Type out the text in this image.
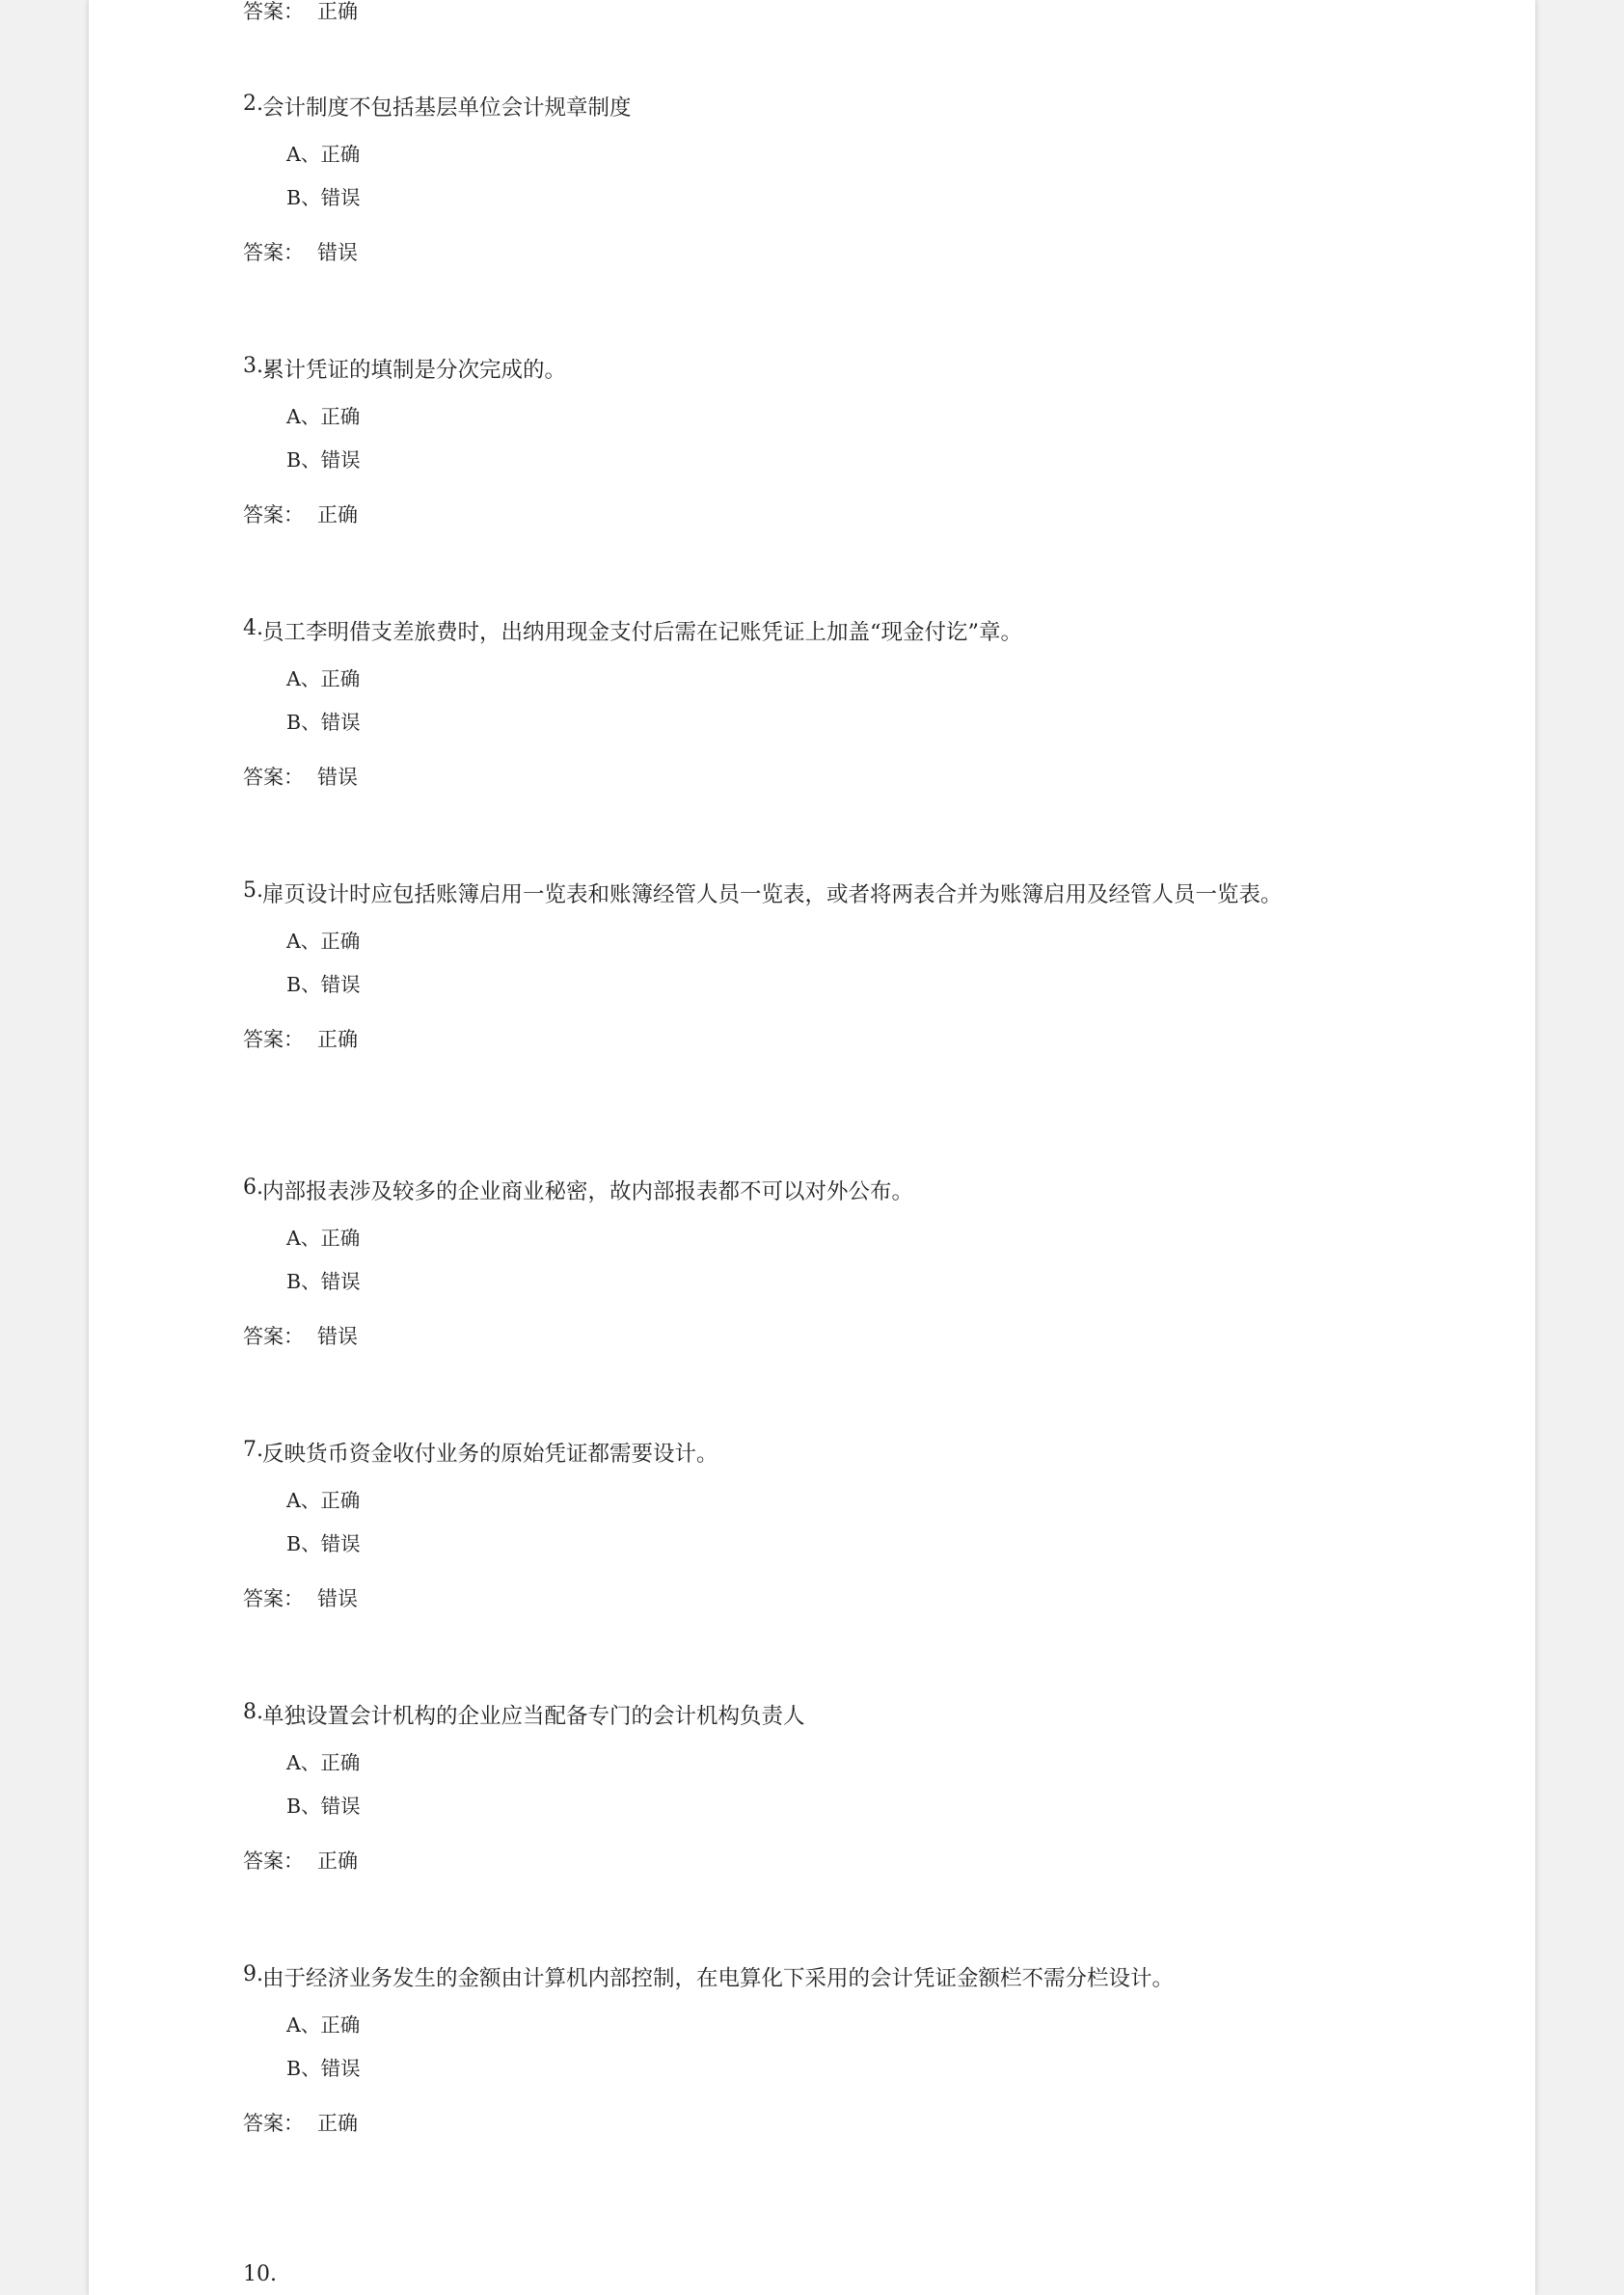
答案： 正确
2. 会计制度不包括基层单位会计规章制度
A、正确
B、错误
答案： 错误
3. 累计凭证的填制是分次完成的。
A、正确
B、错误
答案： 正确
4. 员工李明借支差旅费时，出纳用现金支付后需在记账凭证上加盖“现金付讫”章。
A、正确
B、错误
答案： 错误
5. 扉页设计时应包括账簿启用一览表和账簿经管人员一览表，或者将两表合并为账簿启用及经管人员一览表。
A、正确
B、错误
答案： 正确
6. 内部报表涉及较多的企业商业秘密，故内部报表都不可以对外公布。
A、正确
B、错误
答案： 错误
7. 反映货币资金收付业务的原始凭证都需要设计。
A、正确
B、错误
答案： 错误
8. 单独设置会计机构的企业应当配备专门的会计机构负责人
A、正确
B、错误
答案： 正确
9. 由于经济业务发生的金额由计算机内部控制，在电算化下采用的会计凭证金额栏不需分栏设计。
A、正确
B、错误
答案： 正确
10.
